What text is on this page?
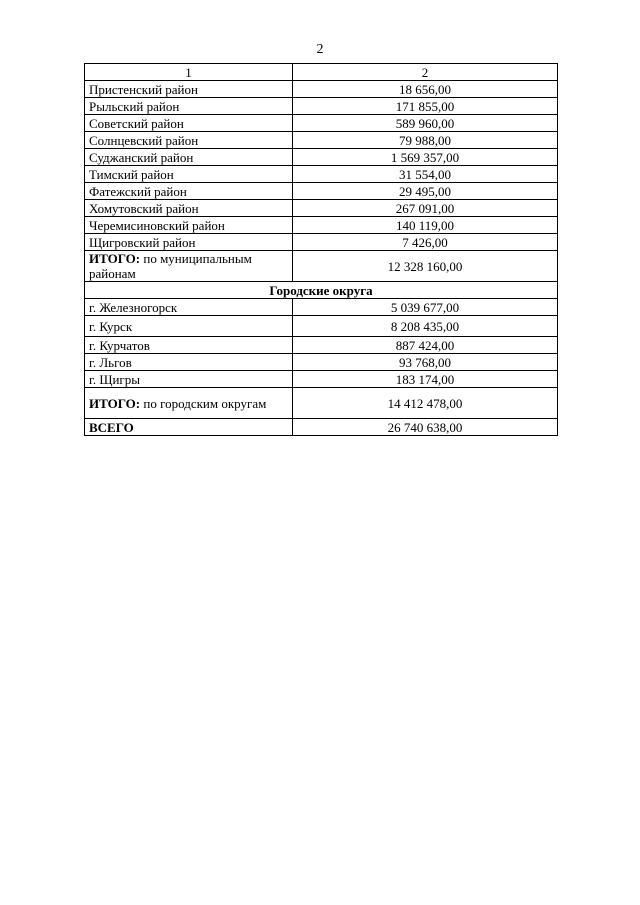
2
1	2
Пристенский район	18 656,00
Рыльский район	171 855,00
Советский район	589 960,00
Солнцевский район	79 988,00
Суджанский район	1 569 357,00
Тимский район	31 554,00
Фатежский район	29 495,00
Хомутовский район	267 091,00
Черемисиновский район	140 119,00
Щигровский район	7 426,00
ИТОГО: по муниципальным районам	12 328 160,00
Городские округа	
г. Железногорск	5 039 677,00
г. Курск	8 208 435,00
г. Курчатов	887 424,00
г. Льгов	93 768,00
г. Щигры	183 174,00
ИТОГО: по городским округам	14 412 478,00
ВСЕГО	26 740 638,00
